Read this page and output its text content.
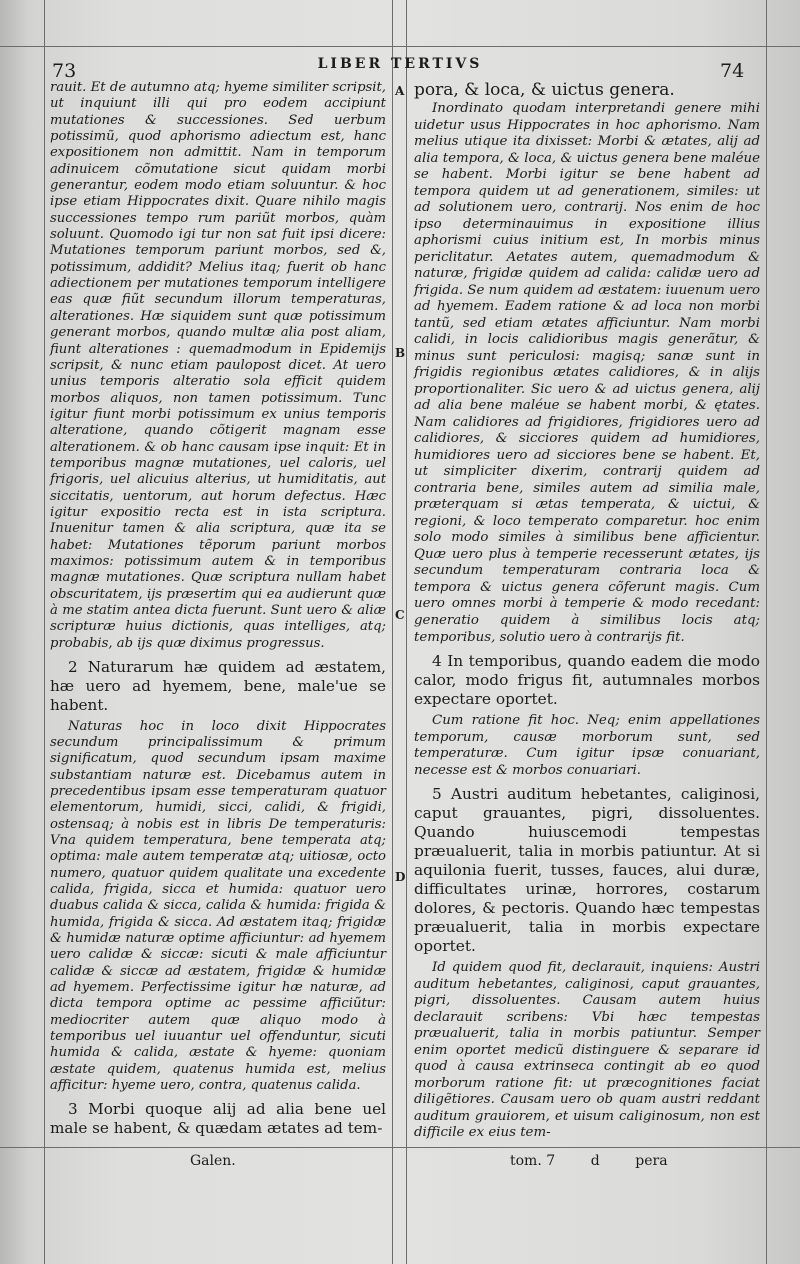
73	LIBER TERTIVS	74
A
B
C
D

rauit. Et de autumno atq; hyeme similiter scripsit, ut inquiunt illi qui pro eodem accipiunt mutationes & successiones. Sed uerbum potissimũ, quod aphorismo adiectum est, hanc expositionem non admittit. Nam in temporum adinuicem cõmutatione sicut quidam morbi generantur, eodem modo etiam soluuntur. & hoc ipse etiam Hippocrates dixit. Quare nihilo magis successiones tempo rum pariũt morbos, quàm soluunt. Quomodo igi tur non sat fuit ipsi dicere: Mutationes temporum pariunt morbos, sed &, potissimum, addidit? Melius itaq; fuerit ob hanc adiectionem per mutationes temporum intelligere eas quæ fiũt secundum illorum temperaturas, alterationes. Hæ siquidem sunt quæ potissimum generant morbos, quando multæ alia post aliam, fiunt alterationes : quemadmodum in Epidemijs scripsit, & nunc etiam paulopost dicet. At uero unius temporis alteratio sola efficit quidem morbos aliquos, non tamen potissimum. Tunc igitur fiunt morbi potissimum ex unius temporis alteratione, quando cõtigerit magnam esse alterationem. & ob hanc causam ipse inquit: Et in temporibus magnæ mutationes, uel caloris, uel frigoris, uel alicuius alterius, ut humiditatis, aut siccitatis, uentorum, aut horum defectus. Hæc igitur expositio recta est in ista scriptura. Inuenitur tamen & alia scriptura, quæ ita se habet: Mutationes tẽporum pariunt morbos maximos: potissimum autem & in temporibus magnæ mutationes. Quæ scriptura nullam habet obscuritatem, ijs præsertim qui ea audierunt quæ à me statim antea dicta fuerunt. Sunt uero & aliæ scripturæ huius dictionis, quas intelliges, atq; probabis, ab ijs quæ diximus progressus.

2 Naturarum hæ quidem ad æstatem, hæ uero ad hyemem, bene, male'ue se habent.

Naturas hoc in loco dixit Hippocrates secundum principalissimum & primum significatum, quod secundum ipsam maxime substantiam naturæ est. Dicebamus autem in precedentibus ipsam esse temperaturam quatuor elementorum, humidi, sicci, calidi, & frigidi, ostensaq; à nobis est in libris De temperaturis: Vna quidem temperatura, bene temperata atq; optima: male autem temperatæ atq; uitiosæ, octo numero, quatuor quidem qualitate una excedente calida, frigida, sicca et humida: quatuor uero duabus calida & sicca, calida & humida: frigida & humida, frigida & sicca. Ad æstatem itaq; frigidæ & humidæ naturæ optime afficiuntur: ad hyemem uero calidæ & siccæ: sicuti & male afficiuntur calidæ & siccæ ad æstatem, frigidæ & humidæ ad hyemem. Perfectissime igitur hæ naturæ, ad dicta tempora optime ac pessime afficiũtur: mediocriter autem quæ aliquo modo à temporibus uel iuuantur uel offenduntur, sicuti humida & calida, æstate & hyeme: quoniam æstate quidem, quatenus humida est, melius afficitur: hyeme uero, contra, quatenus calida.

3 Morbi quoque alij ad alia bene uel male se habent, & quædam ætates ad tem-

pora, & loca, & uictus genera.

Inordinato quodam interpretandi genere mihi uidetur usus Hippocrates in hoc aphorismo. Nam melius utique ita dixisset: Morbi & ætates, alij ad alia tempora, & loca, & uictus genera bene maléue se habent. Morbi igitur se bene habent ad tempora quidem ut ad generationem, similes: ut ad solutionem uero, contrarij. Nos enim de hoc ipso determinauimus in expositione illius aphorismi cuius initium est, In morbis minus periclitatur. Aetates autem, quemadmodum & naturæ, frigidæ quidem ad calida: calidæ uero ad frigida. Se num quidem ad æstatem: iuuenum uero ad hyemem. Eadem ratione & ad loca non morbi tantũ, sed etiam ætates afficiuntur. Nam morbi calidi, in locis calidioribus magis generãtur, & minus sunt periculosi: magisq; sanæ sunt in frigidis regionibus ætates calidiores, & in alijs proportionaliter. Sic uero & ad uictus genera, alij ad alia bene maléue se habent morbi, & ętates. Nam calidiores ad frigidiores, frigidiores uero ad calidiores, & sicciores quidem ad humidiores, humidiores uero ad sicciores bene se habent. Et, ut simpliciter dixerim, contrarij quidem ad contraria bene, similes autem ad similia male, præterquam si ætas temperata, & uictui, & regioni, & loco temperato comparetur. hoc enim solo modo similes à similibus bene afficientur. Quæ uero plus à temperie recesserunt ætates, ijs secundum temperaturam contraria loca & tempora & uictus genera cõferunt magis. Cum uero omnes morbi à temperie & modo recedant: generatio quidem à similibus locis atq; temporibus, solutio uero à contrarijs fit.

4 In temporibus, quando eadem die modo calor, modo frigus fit, autumnales morbos expectare oportet.

Cum ratione fit hoc. Neq; enim appellationes temporum, causæ morborum sunt, sed temperaturæ. Cum igitur ipsæ conuariant, necesse est & morbos conuariari.

5 Austri auditum hebetantes, caliginosi, caput grauantes, pigri, dissoluentes. Quando huiuscemodi tempestas præualuerit, talia in morbis patiuntur. At si aquilonia fuerit, tusses, fauces, alui duræ, difficultates urinæ, horrores, costarum dolores, & pectoris. Quando hæc tempestas præualuerit, talia in morbis expectare oportet.

Id quidem quod fit, declarauit, inquiens: Austri auditum hebetantes, caliginosi, caput grauantes, pigri, dissoluentes. Causam autem huius declarauit scribens: Vbi hæc tempestas præualuerit, talia in morbis patiuntur. Semper enim oportet medicũ distinguere & separare id quod à causa extrinseca contingit ab eo quod morborum ratione fit: ut præcognitiones faciat diligẽtiores. Causam uero ob quam austri reddant auditum grauiorem, et uisum caliginosum, non est difficile ex eius tem-

Galen.	tom. 7        d        pera
